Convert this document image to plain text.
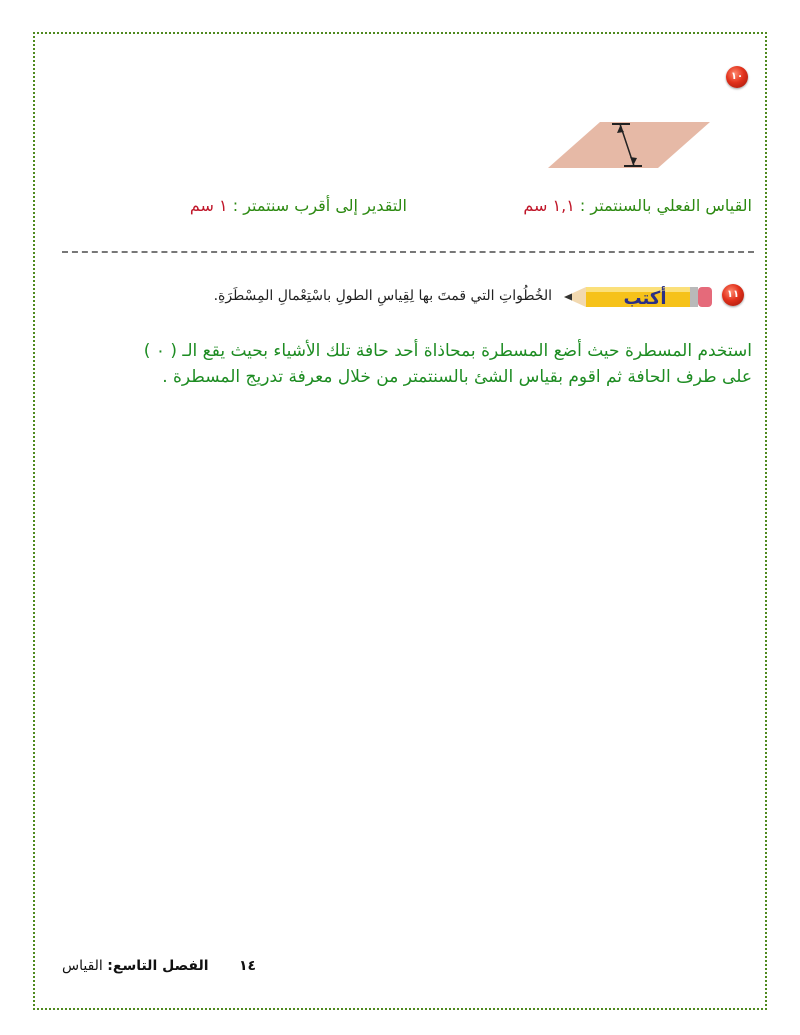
١٠
القياس الفعلي بالسنتمتر : ١,١ سم
التقدير إلى أقرب سنتمتر : ١ سم
١١
أكتب
الخُطُواتِ التي قمتَ بها لِقِياسِ الطولِ باسْتِعْمالِ المِسْطَرَةِ.
استخدم المسطرة حيث أضع المسطرة بمحاذاة أحد حافة تلك الأشياء بحيث يقع الـ ( ٠ )
على طرف الحافة ثم اقوم بقياس الشئ بالسنتمتر من خلال معرفة تدريج المسطرة .
١٤ الفصل التاسع: القياس
